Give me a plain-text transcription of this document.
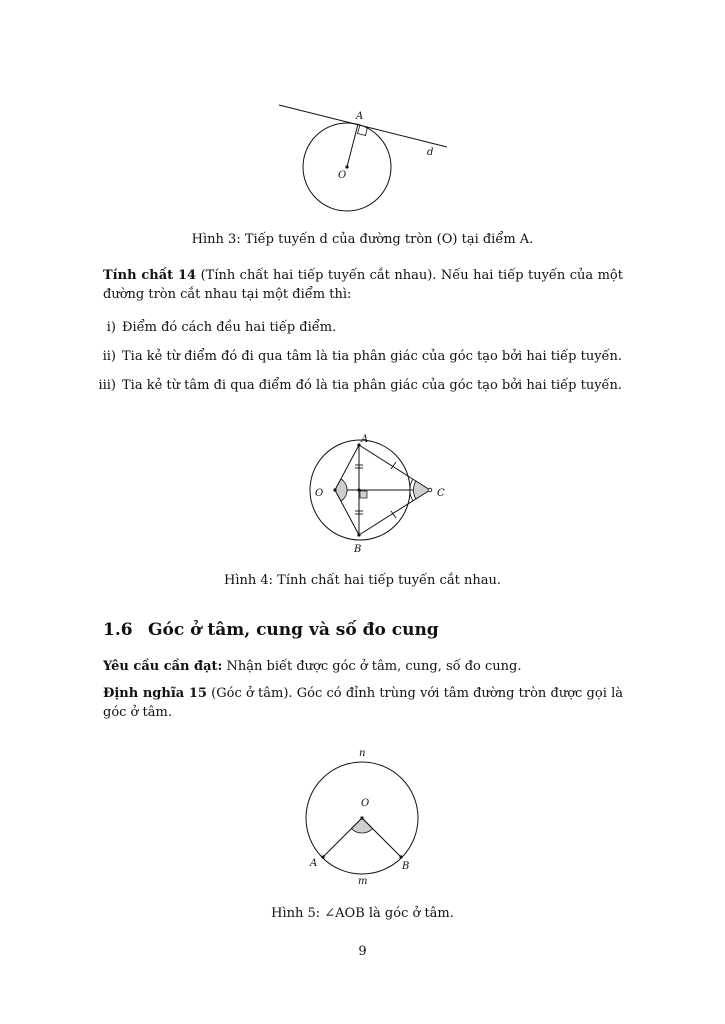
A
O
d
Hình 3: Tiếp tuyến d của đường tròn (O) tại điểm A.
Tính chất 14 (Tính chất hai tiếp tuyến cắt nhau). Nếu hai tiếp tuyến của một đường tròn cắt nhau tại một điểm thì:
i) Điểm đó cách đều hai tiếp điểm.
ii) Tia kẻ từ điểm đó đi qua tâm là tia phân giác của góc tạo bởi hai tiếp tuyến.
iii) Tia kẻ từ tâm đi qua điểm đó là tia phân giác của góc tạo bởi hai tiếp tuyến.
A
B
O	C
Hình 4: Tính chất hai tiếp tuyến cắt nhau.
1.6 Góc ở tâm, cung và số đo cung
Yêu cầu cần đạt: Nhận biết được góc ở tâm, cung, số đo cung.
Định nghĩa 15 (Góc ở tâm). Góc có đỉnh trùng với tâm đường tròn được gọi là góc ở tâm.
n
O
A	B
m
Hình 5: ∠AOB là góc ở tâm.
9
